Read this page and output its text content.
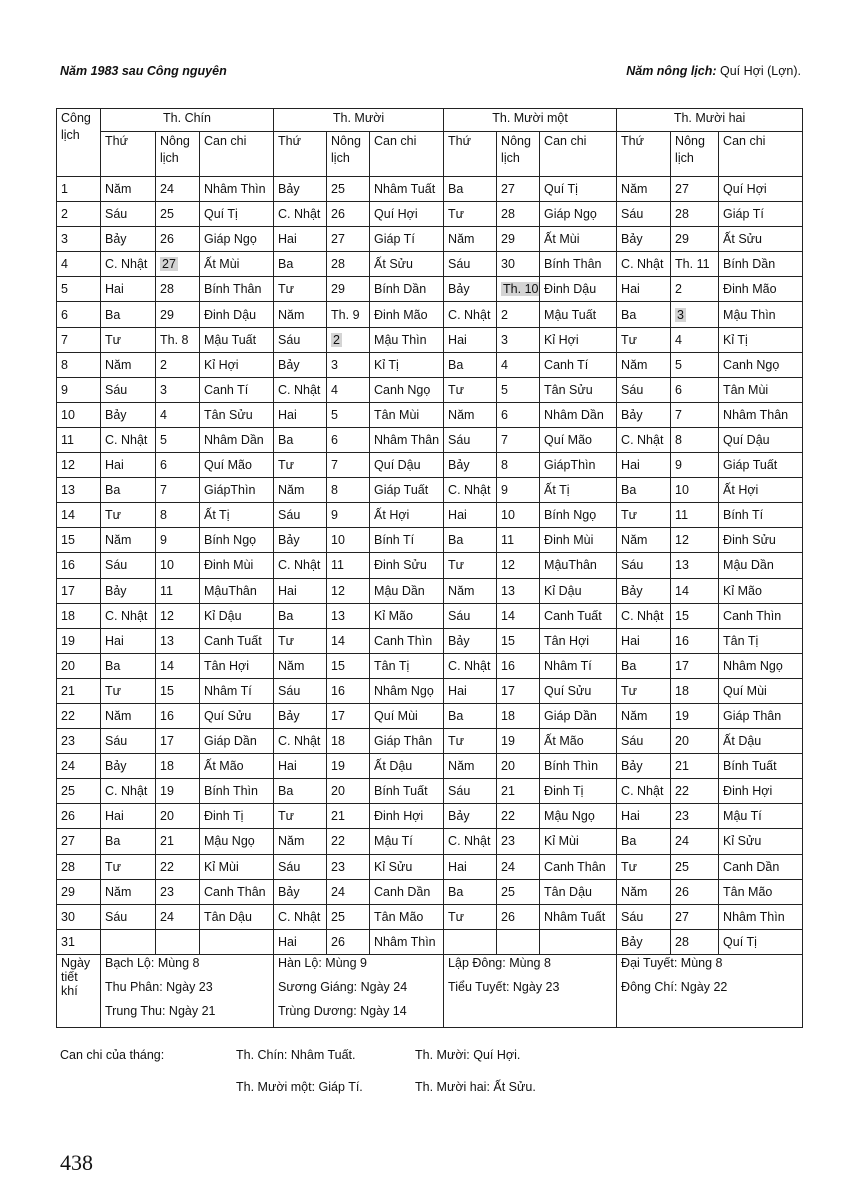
Năm 1983 sau Công nguyên	Năm nông lịch: Quí Hợi (Lợn).
Công lịch	Th. Chín			Th. Mười			Th. Mười một			Th. Mười hai		
	Thứ	Nông lịch	Can chi	Thứ	Nông lịch	Can chi	Thứ	Nông lịch	Can chi	Thứ	Nông lịch	Can chi
1	Năm	24	Nhâm Thìn	Bảy	25	Nhâm Tuất	Ba	27	Quí Tị	Năm	27	Quí Hợi
2	Sáu	25	Quí Tị	C. Nhật	26	Quí Hợi	Tư	28	Giáp Ngọ	Sáu	28	Giáp Tí
3	Bảy	26	Giáp Ngọ	Hai	27	Giáp Tí	Năm	29	Ất Mùi	Bảy	29	Ất Sửu
4	C. Nhật	27	Ất Mùi	Ba	28	Ất Sửu	Sáu	30	Bính Thân	C. Nhật	Th. 11	Bính Dần
5	Hai	28	Bính Thân	Tư	29	Bính Dần	Bảy	Th. 10	Đinh Dậu	Hai	2	Đinh Mão
6	Ba	29	Đinh Dậu	Năm	Th. 9	Đinh Mão	C. Nhật	2	Mậu Tuất	Ba	3	Mậu Thìn
7	Tư	Th. 8	Mậu Tuất	Sáu	2	Mậu Thìn	Hai	3	Kỉ Hợi	Tư	4	Kỉ Tị
8	Năm	2	Kỉ Hợi	Bảy	3	Kỉ Tị	Ba	4	Canh Tí	Năm	5	Canh Ngọ
9	Sáu	3	Canh Tí	C. Nhật	4	Canh Ngọ	Tư	5	Tân Sửu	Sáu	6	Tân Mùi
10	Bảy	4	Tân Sửu	Hai	5	Tân Mùi	Năm	6	Nhâm Dần	Bảy	7	Nhâm Thân
11	C. Nhật	5	Nhâm Dần	Ba	6	Nhâm Thân	Sáu	7	Quí Mão	C. Nhật	8	Quí Dậu
12	Hai	6	Quí Mão	Tư	7	Quí Dậu	Bảy	8	GiápThìn	Hai	9	Giáp Tuất
13	Ba	7	GiápThìn	Năm	8	Giáp Tuất	C. Nhật	9	Ất Tị	Ba	10	Ất Hợi
14	Tư	8	Ất Tị	Sáu	9	Ất Hợi	Hai	10	Bính Ngọ	Tư	11	Bính Tí
15	Năm	9	Bính Ngọ	Bảy	10	Bính Tí	Ba	11	Đinh Mùi	Năm	12	Đinh Sửu
16	Sáu	10	Đinh Mùi	C. Nhật	11	Đinh Sửu	Tư	12	MậuThân	Sáu	13	Mậu Dần
17	Bảy	11	MậuThân	Hai	12	Mậu Dần	Năm	13	Kỉ Dậu	Bảy	14	Kỉ Mão
18	C. Nhật	12	Kỉ Dậu	Ba	13	Kỉ Mão	Sáu	14	Canh Tuất	C. Nhật	15	Canh Thìn
19	Hai	13	Canh Tuất	Tư	14	Canh Thìn	Bảy	15	Tân Hợi	Hai	16	Tân Tị
20	Ba	14	Tân Hợi	Năm	15	Tân Tị	C. Nhật	16	Nhâm Tí	Ba	17	Nhâm Ngọ
21	Tư	15	Nhâm Tí	Sáu	16	Nhâm Ngọ	Hai	17	Quí Sửu	Tư	18	Quí Mùi
22	Năm	16	Quí Sửu	Bảy	17	Quí Mùi	Ba	18	Giáp Dần	Năm	19	Giáp Thân
23	Sáu	17	Giáp Dần	C. Nhật	18	Giáp Thân	Tư	19	Ất Mão	Sáu	20	Ất Dậu
24	Bảy	18	Ất Mão	Hai	19	Ất Dậu	Năm	20	Bính Thìn	Bảy	21	Bính Tuất
25	C. Nhật	19	Bính Thìn	Ba	20	Bính Tuất	Sáu	21	Đinh Tị	C. Nhật	22	Đinh Hợi
26	Hai	20	Đinh Tị	Tư	21	Đinh Hợi	Bảy	22	Mậu Ngọ	Hai	23	Mậu Tí
27	Ba	21	Mậu Ngọ	Năm	22	Mậu Tí	C. Nhật	23	Kỉ Mùi	Ba	24	Kỉ Sửu
28	Tư	22	Kỉ Mùi	Sáu	23	Kỉ Sửu	Hai	24	Canh Thân	Tư	25	Canh Dần
29	Năm	23	Canh Thân	Bảy	24	Canh Dần	Ba	25	Tân Dậu	Năm	26	Tân Mão
30	Sáu	24	Tân Dậu	C. Nhật	25	Tân Mão	Tư	26	Nhâm Tuất	Sáu	27	Nhâm Thìn
31				Hai	26	Nhâm Thìn				Bảy	28	Quí Tị
Ngày tiết khí	Bạch Lộ: Mùng 8			Hàn Lộ: Mùng 9			Lập Đông: Mùng 8			Đại Tuyết: Mùng 8		
	Thu Phân: Ngày 23			Sương Giáng: Ngày 24			Tiểu Tuyết: Ngày 23			Đông Chí: Ngày 22		
	Trung Thu: Ngày 21			Trùng Dương: Ngày 14								
Can chi của tháng:	Th. Chín: Nhâm Tuất.	Th. Mười: Quí Hợi.
Th. Mười một: Giáp Tí.	Th. Mười hai: Ất Sửu.
438
